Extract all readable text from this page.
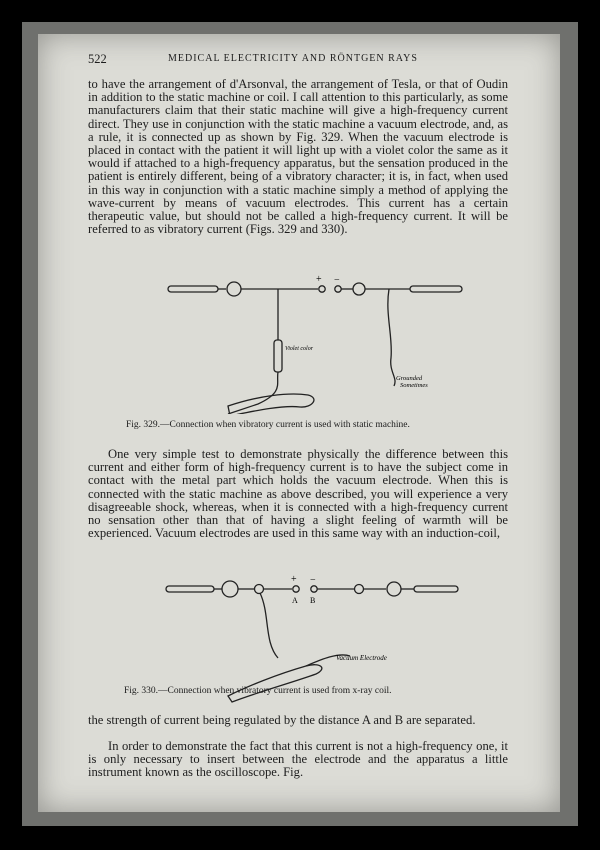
522	MEDICAL ELECTRICITY AND RÖNTGEN RAYS

to have the arrangement of d'Arsonval, the arrangement of Tesla, or that of Oudin in addition to the static machine or coil. I call attention to this particularly, as some manufacturers claim that their static machine will give a high-frequency current direct. They use in conjunction with the static machine a vacuum electrode, and, as a rule, it is connected up as shown by Fig. 329. When the vacuum electrode is placed in contact with the patient it will light up with a violet color the same as it would if attached to a high-frequency apparatus, but the sensation produced in the patient is entirely different, being of a vibratory character; it is, in fact, when used in this way in conjunction with a static machine simply a method of applying the wave-current by means of vacuum electrodes. This current has a certain therapeutic value, but should not be called a high-frequency current. It will be referred to as vibratory current (Figs. 329 and 330).

+ −
Violet color
Grounded
Sometimes
Fig. 329.—Connection when vibratory current is used with static machine.

One very simple test to demonstrate physically the difference between this current and either form of high-frequency current is to have the subject come in contact with the metal part which holds the vacuum electrode. When this is connected with the static machine as above described, you will experience a very disagreeable shock, whereas, when it is connected with a high-frequency current no sensation other than that of having a slight feeling of warmth will be experienced. Vacuum electrodes are used in this same way with an induction-coil,

+ −
A B
Vacuum Electrode
Fig. 330.—Connection when vibratory current is used from x-ray coil.

the strength of current being regulated by the distance A and B are separated.

In order to demonstrate the fact that this current is not a high-frequency one, it is only necessary to insert between the electrode and the apparatus a little instrument known as the oscilloscope. Fig.
